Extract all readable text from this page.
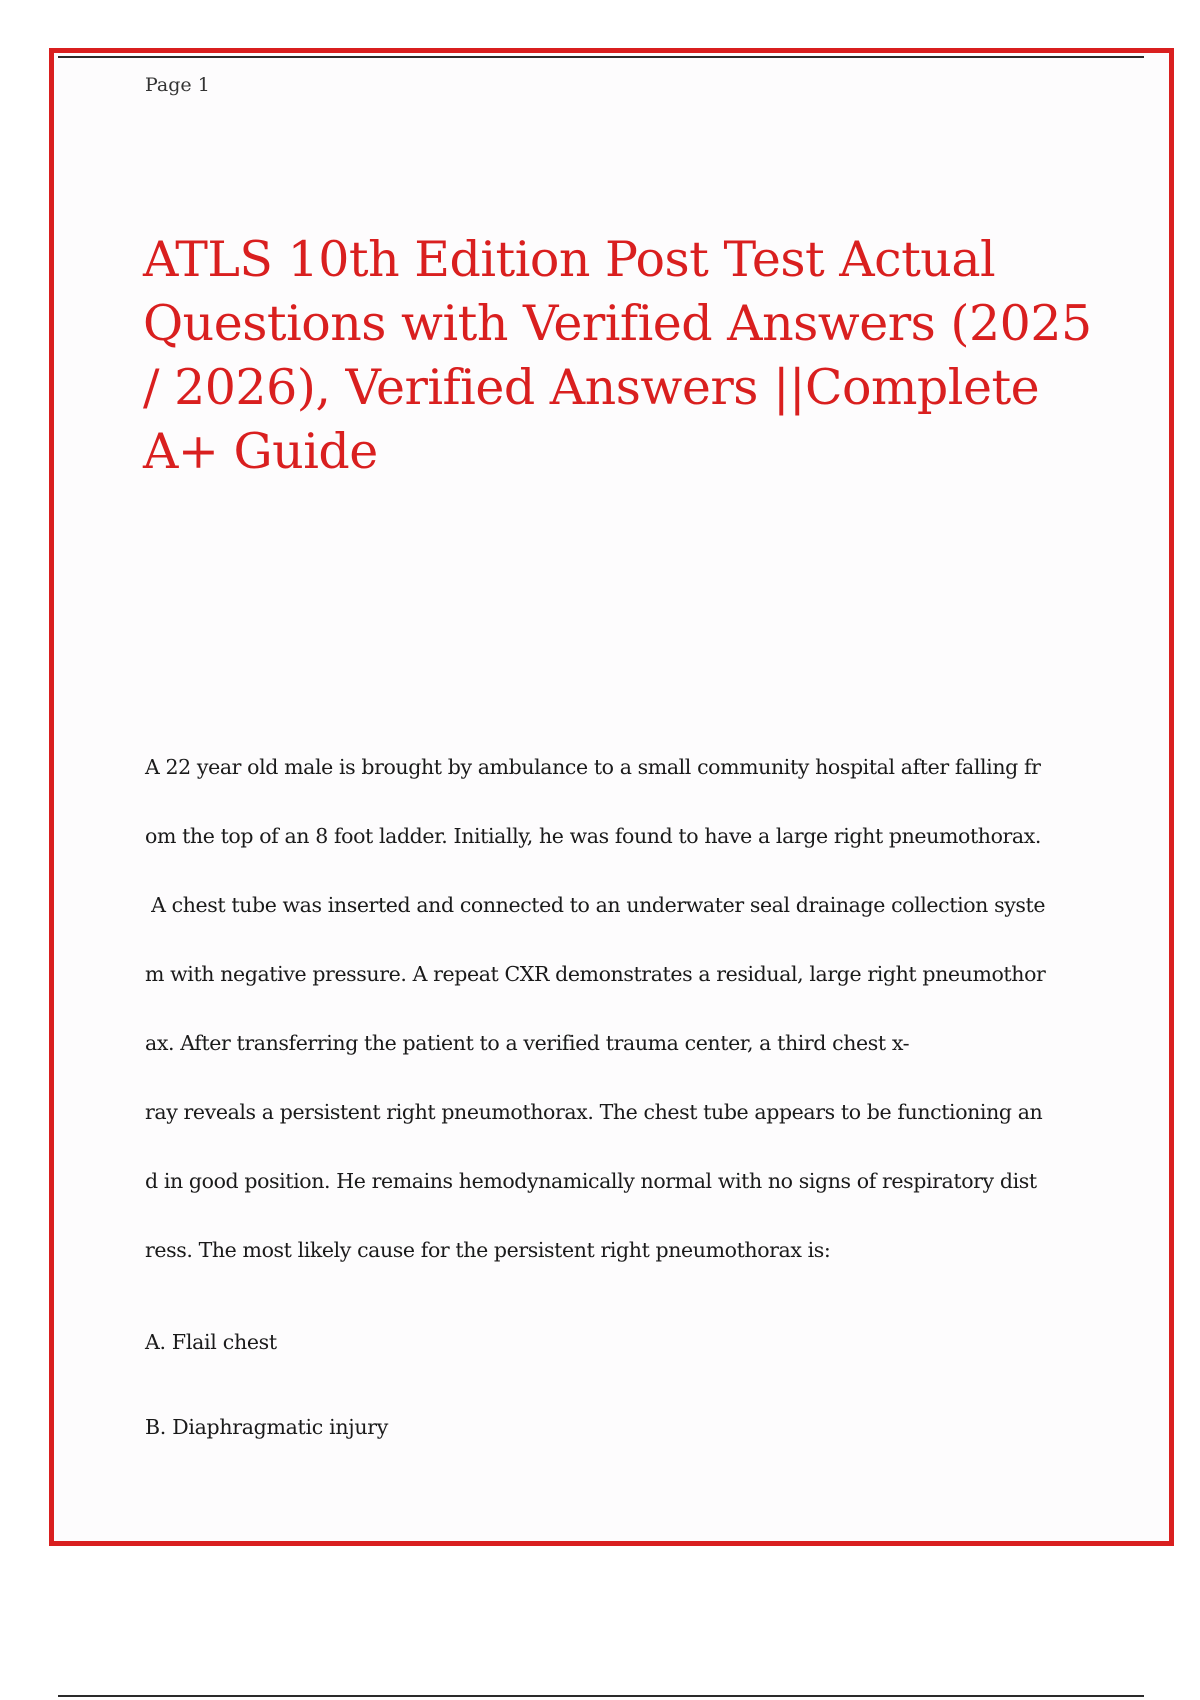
Page 1
ATLS 10th Edition Post Test Actual
Questions with Verified Answers (2025
/ 2026), Verified Answers ||Complete
A+ Guide
A 22 year old male is brought by ambulance to a small community hospital after falling fr
om the top of an 8 foot ladder. Initially, he was found to have a large right pneumothorax.
A chest tube was inserted and connected to an underwater seal drainage collection syste
m with negative pressure. A repeat CXR demonstrates a residual, large right pneumothor
ax. After transferring the patient to a verified trauma center, a third chest x-
ray reveals a persistent right pneumothorax. The chest tube appears to be functioning an
d in good position. He remains hemodynamically normal with no signs of respiratory dist
ress. The most likely cause for the persistent right pneumothorax is:
A. Flail chest
B. Diaphragmatic injury
